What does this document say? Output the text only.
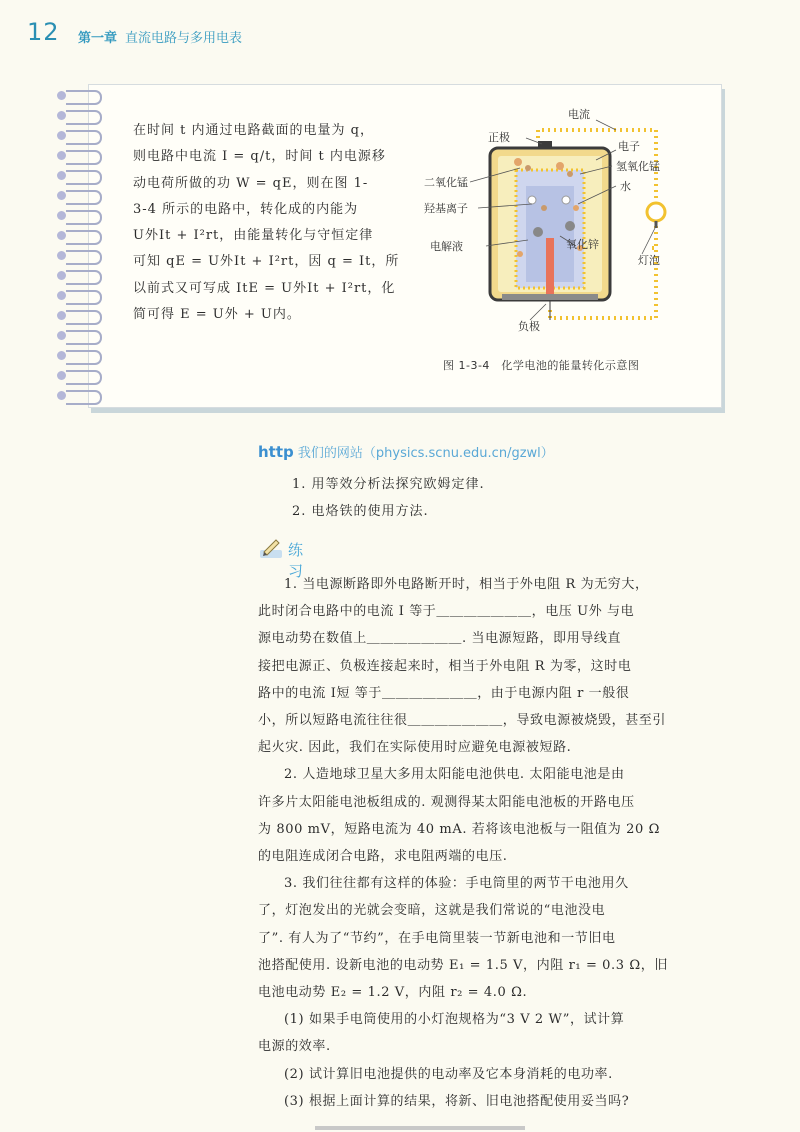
12 第一章 直流电路与多用电表

在时间 t 内通过电路截面的电量为 q，

则电路中电流 I = q/t，时间 t 内电源移

动电荷所做的功 W = qE，则在图 1-

3-4 所示的电路中，转化成的内能为

U外It + I²rt，由能量转化与守恒定律

可知 qE = U外It + I²rt，因 q = It，所

以前式又可写成 ItE = U外It + I²rt，化

简可得 E = U外 + U内。

电流
正极
电子
氢氧化锰
二氧化锰	水
羟基离子
电解液	氧化锌
灯泡
负极
图 1-3-4　化学电池的能量转化示意图
http 我们的网站（physics.scnu.edu.cn/gzwl）
1. 用等效分析法探究欧姆定律.
2. 电烙铁的使用方法.
练习

1. 当电源断路即外电路断开时，相当于外电阻 R 为无穷大，

此时闭合电路中的电流 I 等于＿＿＿＿＿＿＿，电压 U外 与电

源电动势在数值上＿＿＿＿＿＿＿. 当电源短路，即用导线直

接把电源正、负极连接起来时，相当于外电阻 R 为零，这时电

路中的电流 I短 等于＿＿＿＿＿＿＿，由于电源内阻 r 一般很

小，所以短路电流往往很＿＿＿＿＿＿＿，导致电源被烧毁，甚至引

起火灾. 因此，我们在实际使用时应避免电源被短路.

2. 人造地球卫星大多用太阳能电池供电. 太阳能电池是由

许多片太阳能电池板组成的. 观测得某太阳能电池板的开路电压

为 800 mV，短路电流为 40 mA. 若将该电池板与一阻值为 20 Ω

的电阻连成闭合电路，求电阻两端的电压.

3. 我们往往都有这样的体验：手电筒里的两节干电池用久

了，灯泡发出的光就会变暗，这就是我们常说的“电池没电

了”. 有人为了“节约”，在手电筒里装一节新电池和一节旧电

池搭配使用. 设新电池的电动势 E₁ = 1.5 V，内阻 r₁ = 0.3 Ω，旧

电池电动势 E₂ = 1.2 V，内阻 r₂ = 4.0 Ω.

(1) 如果手电筒使用的小灯泡规格为“3 V 2 W”，试计算

电源的效率.

(2) 试计算旧电池提供的电动率及它本身消耗的电功率.

(3) 根据上面计算的结果，将新、旧电池搭配使用妥当吗?
